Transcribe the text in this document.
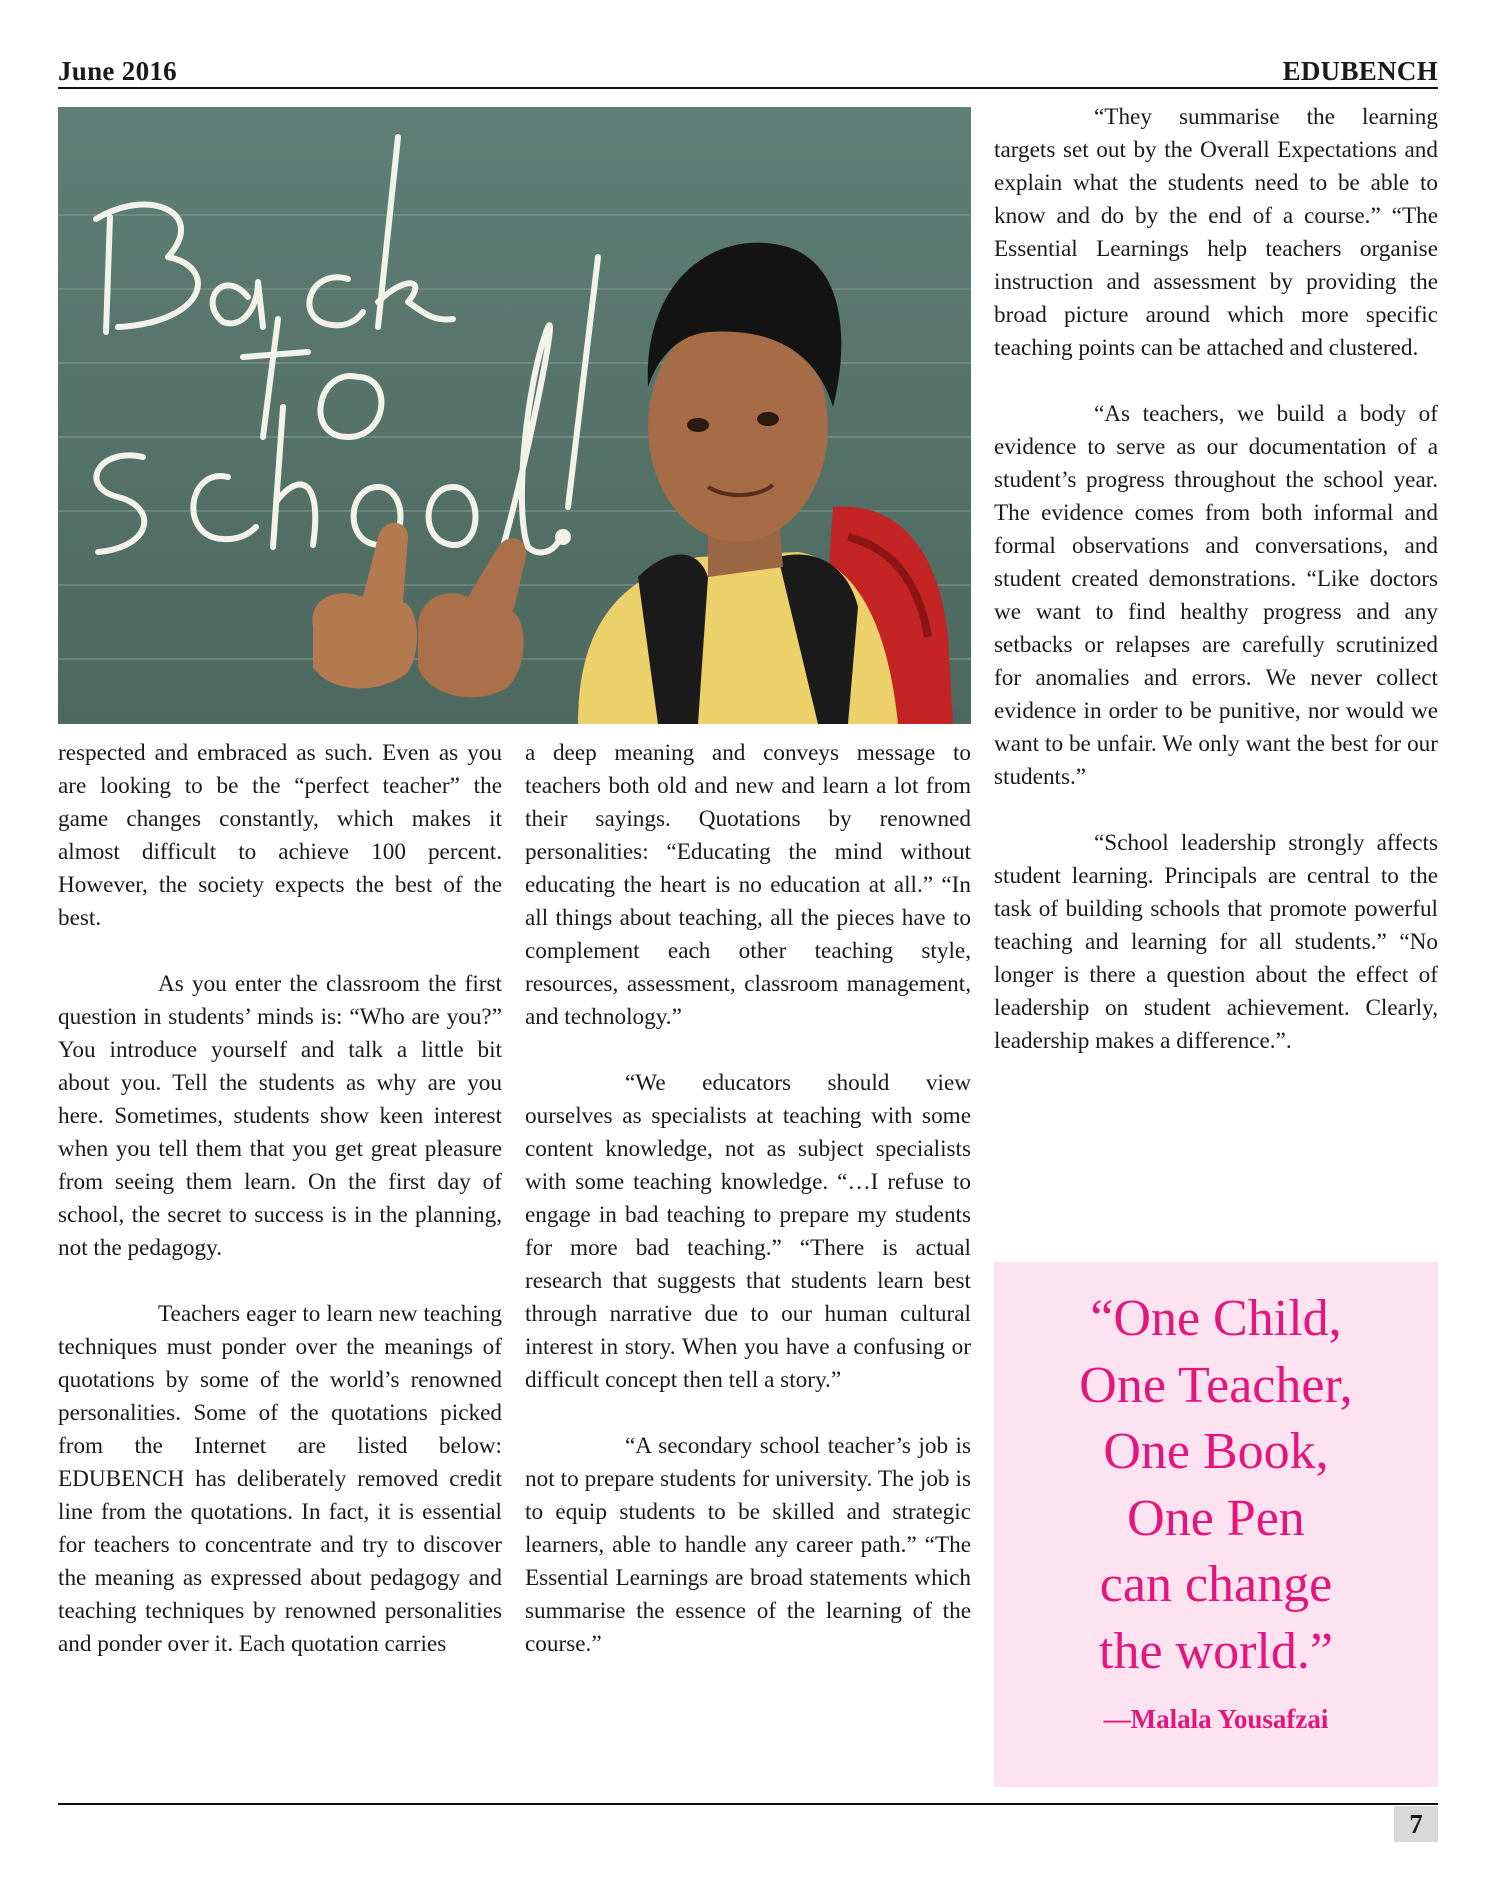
June 2016	EDUBENCH

respected and embraced as such. Even as you are looking to be the “perfect teacher” the game changes constantly, which makes it almost difficult to achieve 100 percent. However, the society expects the best of the best.

As you enter the classroom the first question in students’ minds is: “Who are you?” You introduce yourself and talk a little bit about you. Tell the students as why are you here. Sometimes, students show keen interest when you tell them that you get great pleasure from seeing them learn. On the first day of school, the secret to success is in the planning, not the pedagogy.

Teachers eager to learn new teaching techniques must ponder over the meanings of quotations by some of the world’s renowned personalities. Some of the quotations picked from the Internet are listed below: EDUBENCH has deliberately removed credit line from the quotations. In fact, it is essential for teachers to concentrate and try to discover the meaning as expressed about pedagogy and teaching techniques by renowned personalities and ponder over it. Each quotation carries

a deep meaning and conveys message to teachers both old and new and learn a lot from their sayings. Quotations by renowned personalities: “Educating the mind without educating the heart is no education at all.” “In all things about teaching, all the pieces have to complement each other teaching style, resources, assessment, classroom management, and technology.”

“We educators should view ourselves as specialists at teaching with some content knowledge, not as subject specialists with some teaching knowledge. “…I refuse to engage in bad teaching to prepare my students for more bad teaching.” “There is actual research that suggests that students learn best through narrative due to our human cultural interest in story. When you have a confusing or difficult concept then tell a story.”

“A secondary school teacher’s job is not to prepare students for university. The job is to equip students to be skilled and strategic learners, able to handle any career path.” “The Essential Learnings are broad statements which summarise the essence of the learning of the course.”

“They summarise the learning targets set out by the Overall Expectations and explain what the students need to be able to know and do by the end of a course.” “The Essential Learnings help teachers organise instruction and assessment by providing the broad picture around which more specific teaching points can be attached and clustered.

“As teachers, we build a body of evidence to serve as our documentation of a student’s progress throughout the school year. The evidence comes from both informal and formal observations and conversations, and student created demonstrations. “Like doctors we want to find healthy progress and any setbacks or relapses are carefully scrutinized for anomalies and errors. We never collect evidence in order to be punitive, nor would we want to be unfair. We only want the best for our students.”

“School leadership strongly affects student learning. Principals are central to the task of building schools that promote powerful teaching and learning for all students.” “No longer is there a question about the effect of leadership on student achievement. Clearly, leadership makes a difference.”.

“One Child,
One Teacher,
One Book,
One Pen
can change
the world.”
—Malala Yousafzai
7
